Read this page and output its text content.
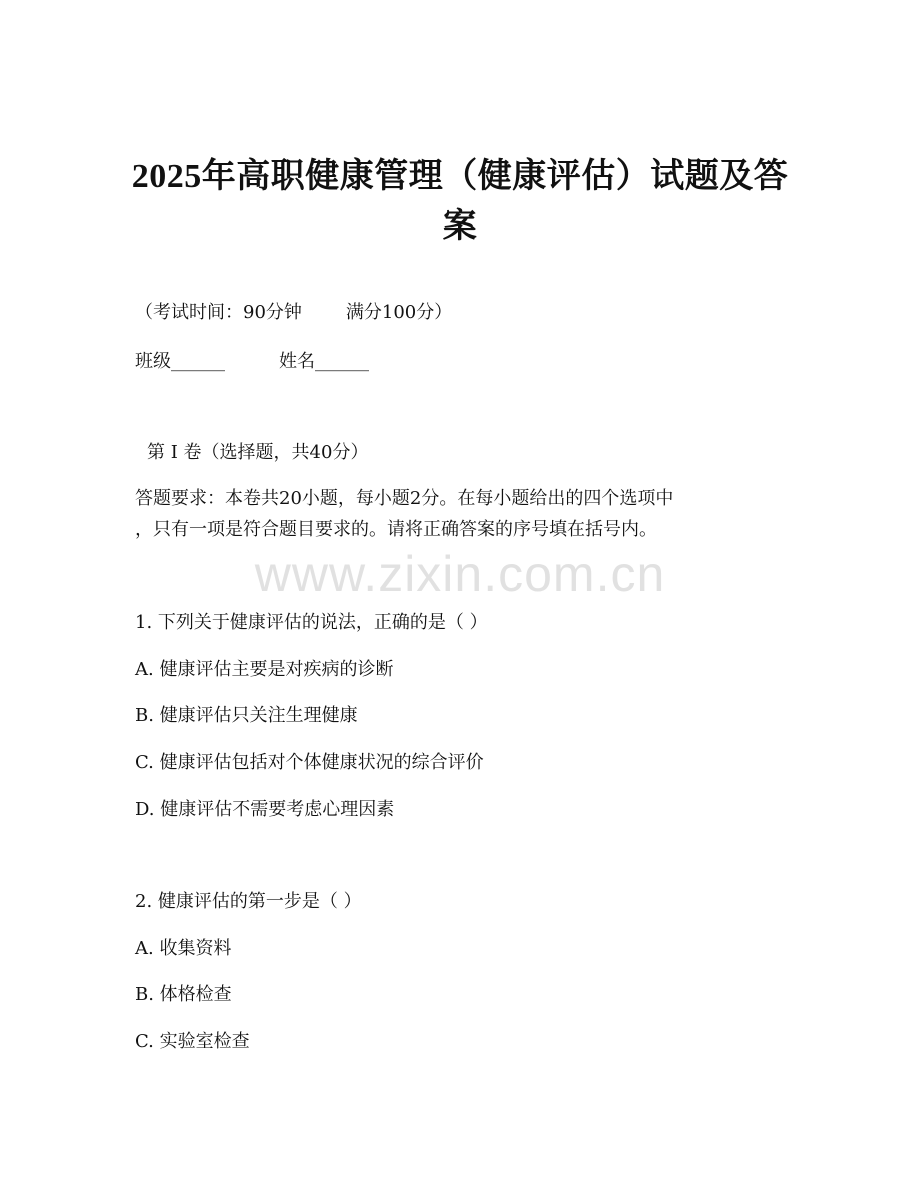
2025年高职健康管理（健康评估）试题及答
案
（考试时间：90分钟 满分100分）
班级______	姓名______
第 I 卷（选择题，共40分）
答题要求：本卷共20小题，每小题2分。在每小题给出的四个选项中
，只有一项是符合题目要求的。请将正确答案的序号填在括号内。
www.zixin.com.cn
1. 下列关于健康评估的说法，正确的是（ ）
A. 健康评估主要是对疾病的诊断
B. 健康评估只关注生理健康
C. 健康评估包括对个体健康状况的综合评价
D. 健康评估不需要考虑心理因素
2. 健康评估的第一步是（ ）
A. 收集资料
B. 体格检查
C. 实验室检查
